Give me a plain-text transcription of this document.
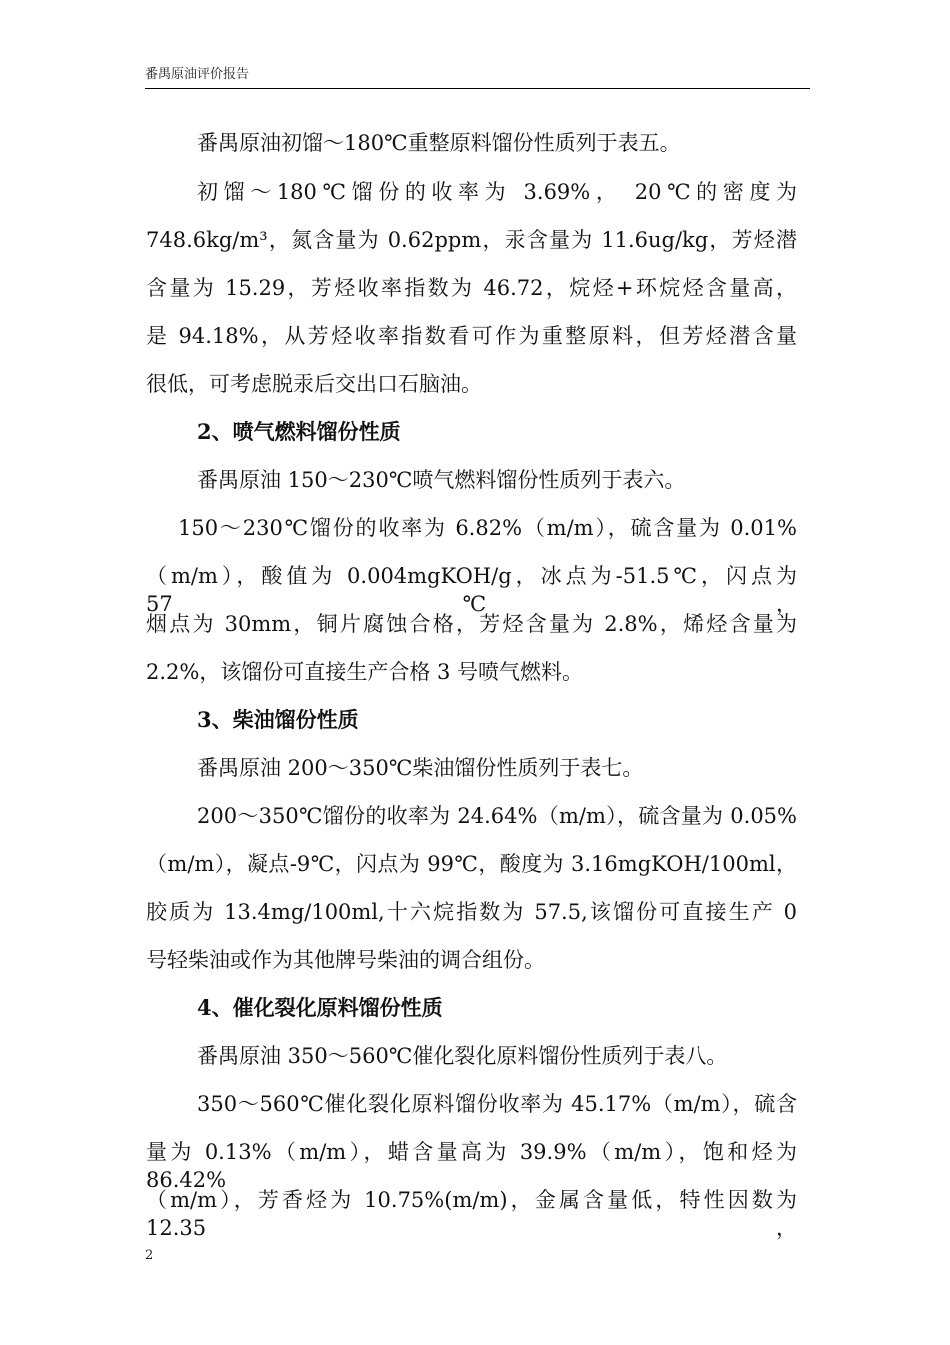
番禺原油评价报告
番禺原油初馏～180℃重整原料馏份性质列于表五。
初馏～180℃馏份的收率为 3.69%， 20℃的密度为
748.6kg/m³，氮含量为 0.62ppm，汞含量为 11.6ug/kg，芳烃潜
含量为 15.29，芳烃收率指数为 46.72，烷烃+环烷烃含量高，
是 94.18%，从芳烃收率指数看可作为重整原料，但芳烃潜含量
很低，可考虑脱汞后交出口石脑油。
2、喷气燃料馏份性质
番禺原油 150～230℃喷气燃料馏份性质列于表六。
150～230℃馏份的收率为 6.82%（m/m），硫含量为 0.01%
（m/m），酸值为 0.004mgKOH/g，冰点为-51.5℃，闪点为 57℃，
烟点为 30mm，铜片腐蚀合格，芳烃含量为 2.8%，烯烃含量为
2.2%，该馏份可直接生产合格 3 号喷气燃料。
3、柴油馏份性质
番禺原油 200～350℃柴油馏份性质列于表七。
200～350℃馏份的收率为 24.64%（m/m），硫含量为 0.05%
（m/m），凝点-9℃，闪点为 99℃，酸度为 3.16mgKOH/100ml，
胶质为 13.4mg/100ml,十六烷指数为 57.5,该馏份可直接生产 0
号轻柴油或作为其他牌号柴油的调合组份。
4、催化裂化原料馏份性质
番禺原油 350～560℃催化裂化原料馏份性质列于表八。
350～560℃催化裂化原料馏份收率为 45.17%（m/m），硫含
量为 0.13%（m/m），蜡含量高为 39.9%（m/m），饱和烃为 86.42%
（m/m），芳香烃为 10.75%(m/m)，金属含量低，特性因数为 12.35，
2
